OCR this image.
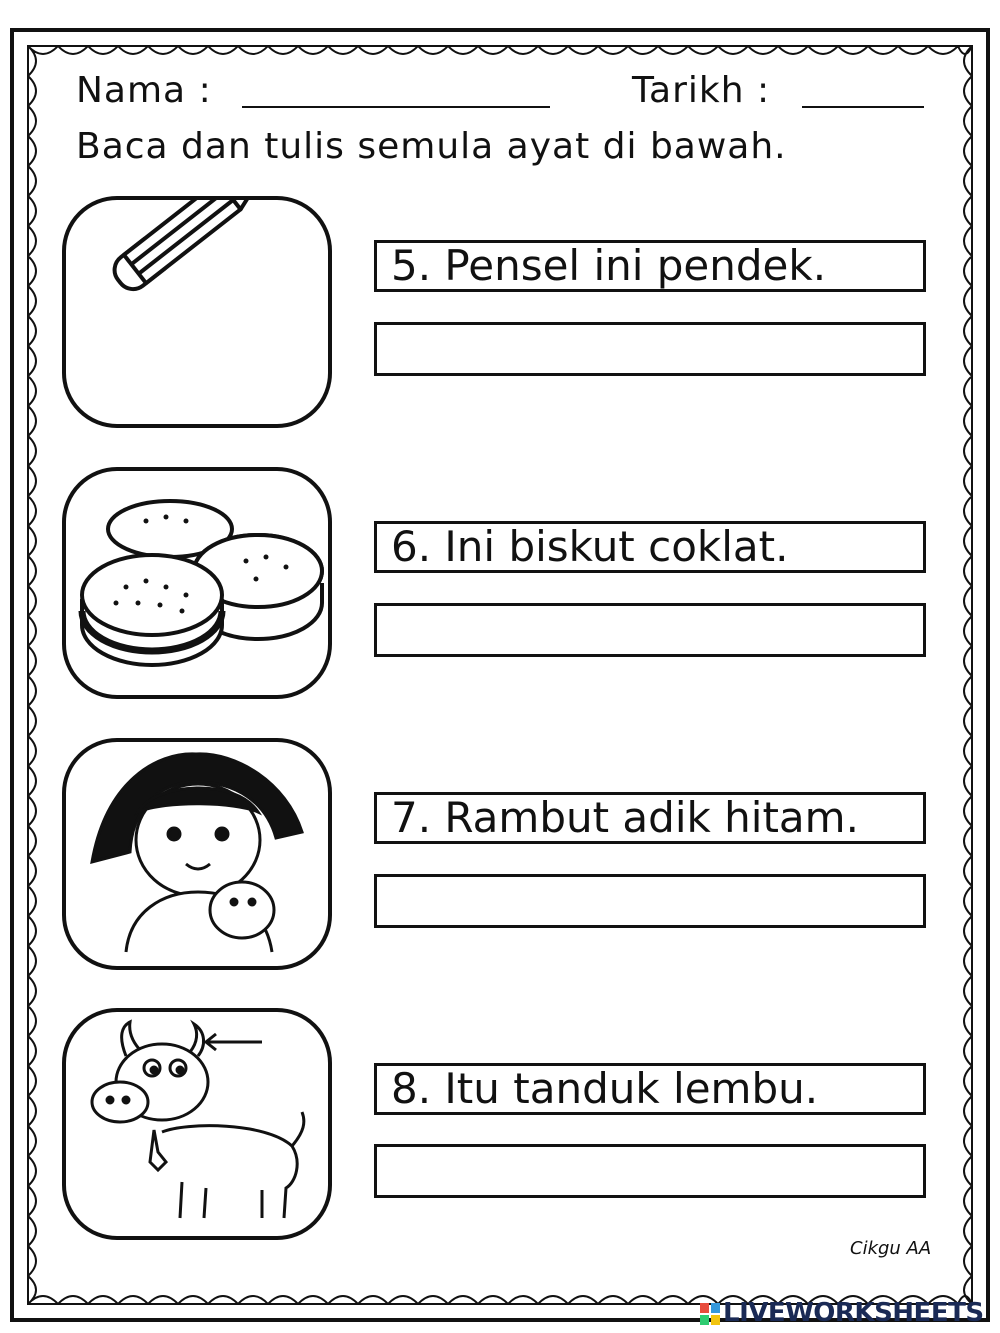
Nama :	Tarikh :
Baca dan tulis semula ayat di bawah.
5. Pensel ini pendek.
6. Ini biskut coklat.
7. Rambut adik hitam.
8. Itu tanduk lembu.
Cikgu AA
LIVEWORKSHEETS
